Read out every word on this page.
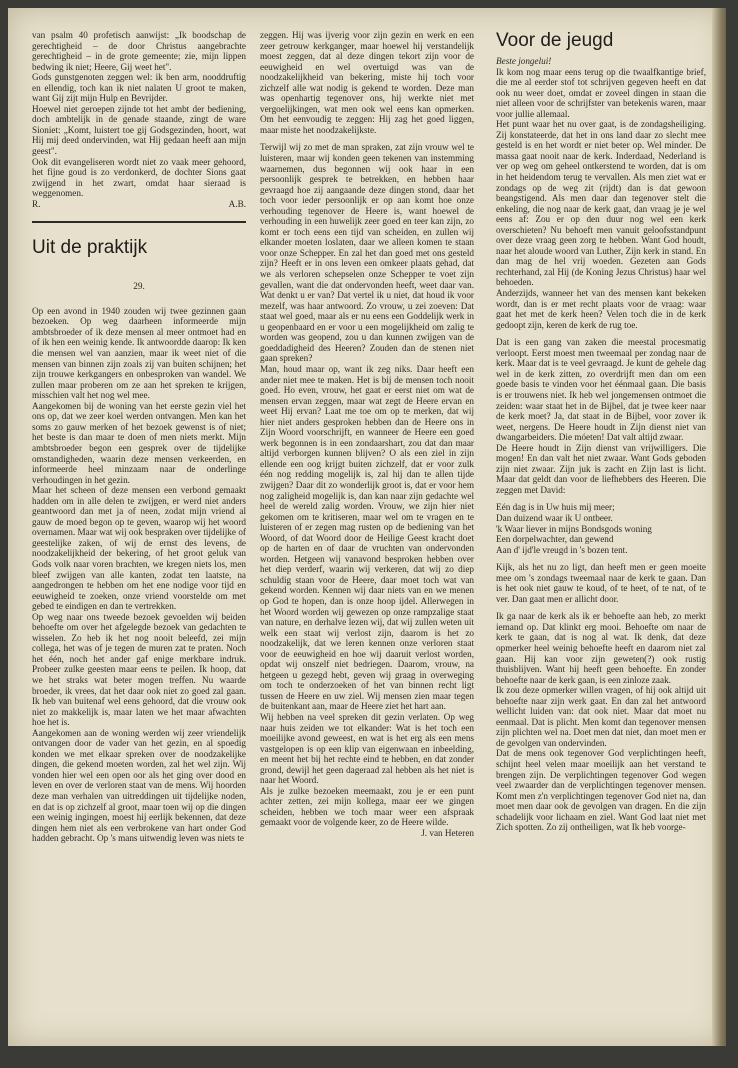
van psalm 40 profetisch aanwijst: „Ik boodschap de gerechtigheid – de door Christus aangebrachte gerechtigheid – in de grote gemeente; zie, mijn lippen bedwing ik niet; Heere, Gij weet het".

Gods gunstgenoten zeggen wel: ik ben arm, nooddruftig en ellendig, toch kan ik niet nalaten U groot te maken, want Gij zijt mijn Hulp en Bevrijder.

Hoewel niet geroepen zijnde tot het ambt der bediening, doch ambtelijk in de genade staande, zingt de ware Sioniet: „Komt, luistert toe gij Godsgezinden, hoort, wat Hij mij deed ondervinden, wat Hij gedaan heeft aan mijn geest".

Ook dit evangeliseren wordt niet zo vaak meer gehoord, het fijne goud is zo verdonkerd, de dochter Sions gaat zwijgend in het zwart, omdat haar sieraad is weggenomen.

R.	A.B.
Uit de praktijk
29.

Op een avond in 1940 zouden wij twee gezinnen gaan bezoeken. Op weg daarheen informeerde mijn ambtsbroeder of ik deze mensen al meer ontmoet had en of ik hen een weinig kende. Ik antwoordde daarop: Ik ken die mensen wel van aanzien, maar ik weet niet of die mensen van binnen zijn zoals zij van buiten schijnen; het zijn trouwe kerkgangers en onbesproken van wandel. We zullen maar proberen om ze aan het spreken te krijgen, misschien valt het nog wel mee.

Aangekomen bij de woning van het eerste gezin viel het ons op, dat we zeer koel werden ontvangen. Men kan het soms zo gauw merken of het bezoek gewenst is of niet; het beste is dan maar te doen of men niets merkt. Mijn ambtsbroeder begon een gesprek over de tijdelijke omstandigheden, waarin deze mensen verkeerden, en informeerde heel minzaam naar de onderlinge verhoudingen in het gezin.

Maar het scheen of deze mensen een verbond gemaakt hadden om in alle delen te zwijgen, er werd niet anders geantwoord dan met ja of neen, zodat mijn vriend al gauw de moed begon op te geven, waarop wij het woord overnamen. Maar wat wij ook bespraken over tijdelijke of geestelijke zaken, of wij de ernst des levens, de noodzakelijkheid der bekering, of het groot geluk van Gods volk naar voren brachten, we kregen niets los, men bleef zwijgen van alle kanten, zodat ten laatste, na aangedrongen te hebben om het ene nodige voor tijd en eeuwigheid te zoeken, onze vriend voorstelde om met gebed te eindigen en dan te vertrekken.

Op weg naar ons tweede bezoek gevoelden wij beiden behoefte om over het afgelegde bezoek van gedachten te wisselen. Zo heb ik het nog nooit beleefd, zei mijn collega, het was of je tegen de muren zat te praten. Noch het één, noch het ander gaf enige merkbare indruk. Probeer zulke geesten maar eens te peilen. Ik hoop, dat we het straks wat beter mogen treffen. Nu waarde broeder, ik vrees, dat het daar ook niet zo goed zal gaan. Ik heb van buitenaf wel eens gehoord, dat die vrouw ook niet zo makkelijk is, maar laten we het maar afwachten hoe het is.

Aangekomen aan de woning werden wij zeer vriendelijk ontvangen door de vader van het gezin, en al spoedig konden we met elkaar spreken over de noodzakelijke dingen, die gekend moeten worden, zal het wel zijn. Wij vonden hier wel een open oor als het ging over dood en leven en over de verloren staat van de mens. Wij hoorden deze man verhalen van uitreddingen uit tijdelijke noden, en dat is op zichzelf al groot, maar toen wij op die dingen een weinig ingingen, moest hij eerlijk bekennen, dat deze dingen hem niet als een verbrokene van hart onder God hadden gebracht. Op 's mans uitwendig leven was niets te

zeggen. Hij was ijverig voor zijn gezin en werk en een zeer getrouw kerkganger, maar hoewel hij verstandelijk moest zeggen, dat al deze dingen tekort zijn voor de eeuwigheid en wel overtuigd was van de noodzakelijkheid van bekering, miste hij toch voor zichzelf alle wat nodig is gekend te worden. Deze man was openhartig tegenover ons, hij werkte niet met vergoelijkingen, wat men ook wel eens kan opmerken. Om het eenvoudig te zeggen: Hij zag het goed liggen, maar miste het noodzakelijkste.

Terwijl wij zo met de man spraken, zat zijn vrouw wel te luisteren, maar wij konden geen tekenen van instemming waarnemen, dus begonnen wij ook haar in een persoonlijk gesprek te betrekken, en hebben haar gevraagd hoe zij aangaande deze dingen stond, daar het toch voor ieder persoonlijk er op aan komt hoe onze verhouding tegenover de Heere is, want hoewel de verhouding in een huwelijk zeer goed en teer kan zijn, zo komt er toch eens een tijd van scheiden, en zullen wij elkander moeten loslaten, daar we alleen komen te staan voor onze Schepper. En zal het dan goed met ons gesteld zijn? Heeft er in ons leven een omkeer plaats gehad, dat we als verloren schepselen onze Schepper te voet zijn gevallen, want die dat ondervonden heeft, weet daar van. Wat denkt u er van? Dat vertel ik u niet, dat houd ik voor mezelf, was haar antwoord. Zo vrouw, u zei zoeven: Dat staat wel goed, maar als er nu eens een Goddelijk werk in u geopenbaard en er voor u een mogelijkheid om zalig te worden was geopend, zou u dan kunnen zwijgen van de goeddadigheid des Heeren? Zouden dan de stenen niet gaan spreken?

Man, houd maar op, want ik zeg niks. Daar heeft een ander niet mee te maken. Het is bij de mensen toch nooit goed. Ho even, vrouw, het gaat er eerst niet om wat de mensen ervan zeggen, maar wat zegt de Heere ervan en weet Hij ervan? Laat me toe om op te merken, dat wij hier niet anders gesproken hebben dan de Heere ons in Zijn Woord voorschrijft, en wanneer de Heere een goed werk begonnen is in een zondaarshart, zou dat dan maar altijd verborgen kunnen blijven? O als een ziel in zijn ellende een oog krijgt buiten zichzelf, dat er voor zulk één nog redding mogelijk is, zal hij dan te allen tijde zwijgen? Daar dit zo wonderlijk groot is, dat er voor hem nog zaligheid mogelijk is, dan kan naar zijn gedachte wel heel de wereld zalig worden. Vrouw, we zijn hier niet gekomen om te kritiseren, maar wel om te vragen en te luisteren of er zegen mag rusten op de bediening van het Woord, of dat Woord door de Heilige Geest kracht doet op de harten en of daar de vruchten van ondervonden worden. Hetgeen wij vanavond besproken hebben over het diep verderf, waarin wij verkeren, dat wij zo diep schuldig staan voor de Heere, daar moet toch wat van gekend worden. Kennen wij daar niets van en we menen op God te hopen, dan is onze hoop ijdel. Allerwegen in het Woord worden wij gewezen op onze rampzalige staat van nature, en derhalve lezen wij, dat wij zullen weten uit welk een staat wij verlost zijn, daarom is het zo noodzakelijk, dat we leren kennen onze verloren staat voor de eeuwigheid en hoe wij daaruit verlost worden, opdat wij onszelf niet bedriegen. Daarom, vrouw, na hetgeen u gezegd hebt, geven wij graag in overweging om toch te onderzoeken of het van binnen recht ligt tussen de Heere en uw ziel. Wij mensen zien maar tegen de buitenkant aan, maar de Heere ziet het hart aan.

Wij hebben na veel spreken dit gezin verlaten. Op weg naar huis zeiden we tot elkander: Wat is het toch een moeilijke avond geweest, en wat is het erg als een mens vastgelopen is op een klip van eigenwaan en inbeelding, en meent het bij het rechte eind te hebben, en dat zonder grond, dewijl het geen dageraad zal hebben als het niet is naar het Woord.

Als je zulke bezoeken meemaakt, zou je er een punt achter zetten, zei mijn kollega, maar eer we gingen scheiden, hebben we toch maar weer een afspraak gemaakt voor de volgende keer, zo de Heere wilde.

J. van Heteren

Voor de jeugd

Beste jongelui!

Ik kom nog maar eens terug op die twaalfkantige brief, die me al eerder stof tot schrijven gegeven heeft en dat ook nu weer doet, omdat er zoveel dingen in staan die niet alleen voor de schrijfster van betekenis waren, maar voor jullie allemaal.

Het punt waar het nu over gaat, is de zondagsheiliging. Zij konstateerde, dat het in ons land daar zo slecht mee gesteld is en het wordt er niet beter op. Wel minder. De massa gaat nooit naar de kerk. Inderdaad, Nederland is ver op weg om geheel ontkerstend te worden, dat is om in het heidendom terug te vervallen. Als men ziet wat er zondags op de weg zit (rijdt) dan is dat gewoon beangstigend. Als men daar dan tegenover stelt die enkeling, die nog naar de kerk gaat, dan vraag je je wel eens af: Zou er op den duur nog wel een kerk overschieten? Nu behoeft men vanuit geloofsstandpunt over deze vraag geen zorg te hebben. Want God houdt, naar het aloude woord van Luther, Zijn kerk in stand. En dan mag de hel vrij woeden. Gezeten aan Gods rechterhand, zal Hij (de Koning Jezus Christus) haar wel behoeden.

Anderzijds, wanneer het van des mensen kant bekeken wordt, dan is er met recht plaats voor de vraag: waar gaat het met de kerk heen? Velen toch die in de kerk gedoopt zijn, keren de kerk de rug toe.

Dat is een gang van zaken die meestal procesmatig verloopt. Eerst moest men tweemaal per zondag naar de kerk. Maar dat is te veel gevraagd. Je kunt de gehele dag wel in de kerk zitten, zo overdrijft men dan om een goede basis te vinden voor het éénmaal gaan. Die basis is er trouwens niet. Ik heb wel jongemensen ontmoet die zeiden: waar staat het in de Bijbel, dat je twee keer naar de kerk moet? Ja, dat staat in de Bijbel, voor zover ik weet, nergens. De Heere houdt in Zijn dienst niet van dwangarbeiders. Die móeten! Dat valt altijd zwaar.

De Heere houdt in Zijn dienst van vrijwilligers. Die mogen! En dan valt het niet zwaar. Want Gods geboden zijn niet zwaar. Zijn juk is zacht en Zijn last is licht. Maar dat geldt dan voor de liefhebbers des Heeren. Die zeggen met David:

Eén dag is in Uw huis mij meer;

Dan duizend waar ik U ontbeer.

'k Waar liever in mijns Bondsgods woning

Een dorpelwachter, dan gewend

Aan d' ijd'le vreugd in 's bozen tent.

Kijk, als het nu zo ligt, dan heeft men er geen moeite mee om 's zondags tweemaal naar de kerk te gaan. Dan is het ook niet gauw te koud, of te heet, of te nat, of te ver. Dan gaat men er allicht door.

Ik ga naar de kerk als ik er behoefte aan heb, zo merkt iemand op. Dat klinkt erg mooi. Behoefte om naar de kerk te gaan, dat is nog al wat. Ik denk, dat deze opmerker heel weinig behoefte heeft en daarom niet zal gaan. Hij kan voor zijn geweten(?) ook rustig thuisblijven. Want hij heeft geen behoefte. En zonder behoefte naar de kerk gaan, is een zinloze zaak.

Ik zou deze opmerker willen vragen, of hij ook altijd uit behoefte naar zijn werk gaat. En dan zal het antwoord wellicht luiden van: dat ook niet. Maar dat moet nu eenmaal. Dat is plicht. Men komt dan tegenover mensen zijn plichten wel na. Doet men dat niet, dan moet men er de gevolgen van ondervinden.

Dat de mens ook tegenover God verplichtingen heeft, schijnt heel velen maar moeilijk aan het verstand te brengen zijn. De verplichtingen tegenover God wegen veel zwaarder dan de verplichtingen tegenover mensen. Komt men z'n verplichtingen tegenover God niet na, dan moet men daar ook de gevolgen van dragen. En die zijn schadelijk voor lichaam en ziel. Want God laat niet met Zich spotten. Zo zij ontheiligen, wat Ik heb voorge-
